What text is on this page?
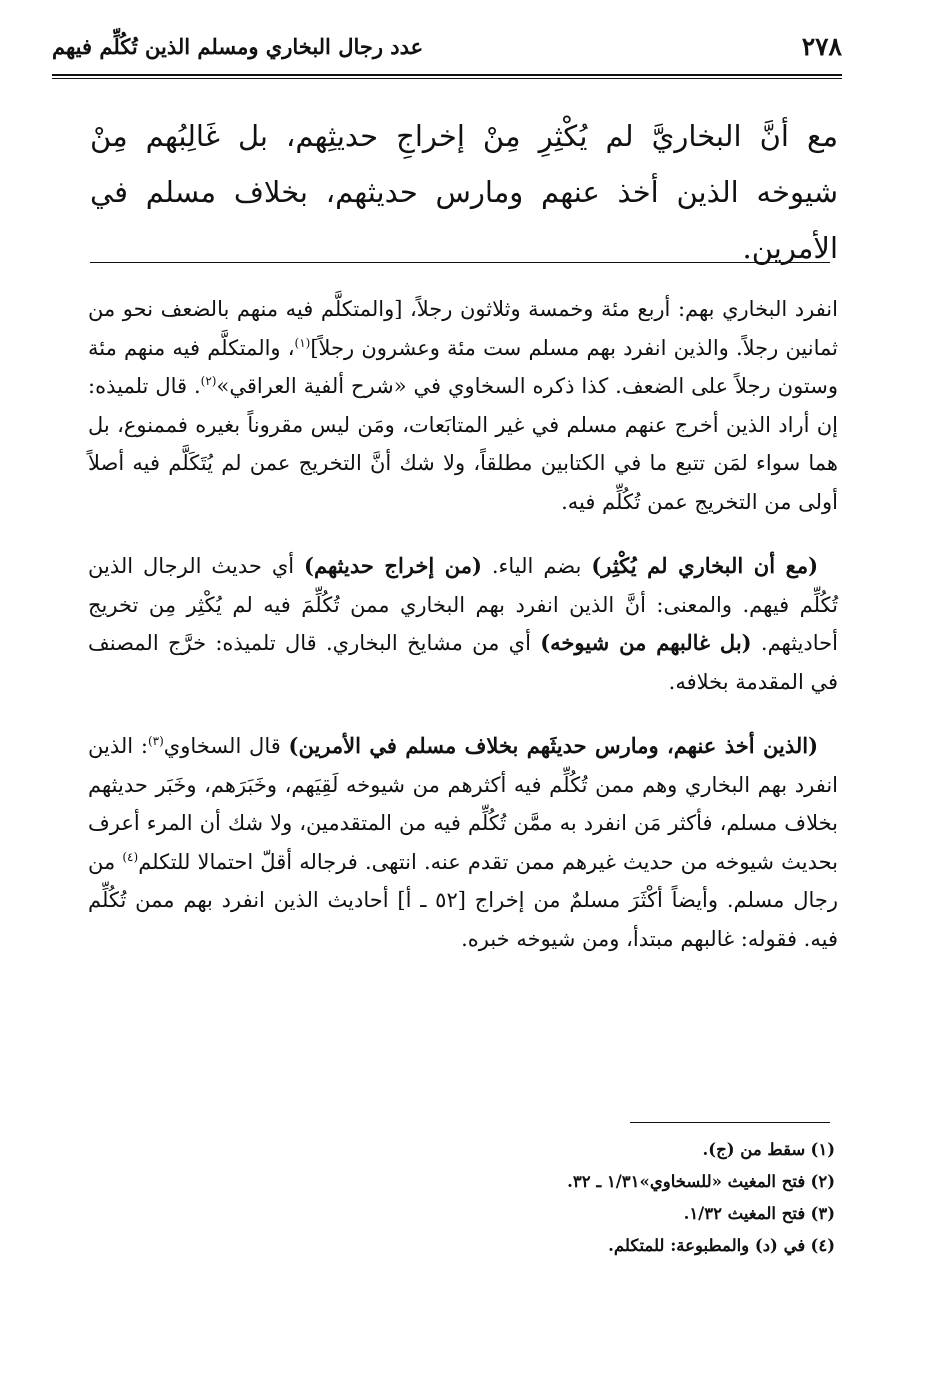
٢٧٨
عدد رجال البخاري ومسلم الذين تُكُلِّم فيهم

مع أنَّ البخاريَّ لم يُكْثِرِ مِنْ إخراجِ حديثِهم، بل غَالِبُهم مِنْ شيوخه الذين أخذ عنهم ومارس حديثهم، بخلاف مسلم في الأمرين.

انفرد البخاري بهم: أربع مئة وخمسة وثلاثون رجلاً، [والمتكلَّم فيه منهم بالضعف نحو من ثمانين رجلاً. والذين انفرد بهم مسلم ست مئة وعشرون رجلاً]$^{(١)}$، والمتكلَّم فيه منهم مئة وستون رجلاً على الضعف. كذا ذكره السخاوي في «شرح ألفية العراقي»$^{(٢)}$. قال تلميذه: إن أراد الذين أخرج عنهم مسلم في غير المتابَعات، ومَن ليس مقروناً بغيره فممنوع، بل هما سواء لمَن تتبع ما في الكتابين مطلقاً، ولا شك أنَّ التخريج عمن لم يُتَكَلَّم فيه أصلاً أولى من التخريج عمن تُكُلِّم فيه.

(مع أن البخاري لم يُكْثِر) بضم الياء. (من إخراج حديثهم) أي حديث الرجال الذين تُكُلِّم فيهم. والمعنى: أنَّ الذين انفرد بهم البخاري ممن تُكُلِّمَ فيه لم يُكْثِر مِن تخريج أحاديثهم. (بل غالبهم من شيوخه) أي من مشايخ البخاري. قال تلميذه: خرَّج المصنف في المقدمة بخلافه.

(الذين أخذ عنهم، ومارس حديثَهم بخلاف مسلم في الأمرين) قال السخاوي$^{(٣)}$: الذين انفرد بهم البخاري وهم ممن تُكُلِّم فيه أكثرهم من شيوخه لَقِيَهم، وخَبَرَهم، وخَبَر حديثهم بخلاف مسلم، فأكثر مَن انفرد به ممَّن تُكُلِّم فيه من المتقدمين، ولا شك أن المرء أعرف بحديث شيوخه من حديث غيرهم ممن تقدم عنه. انتهى. فرجاله أقلّ احتمالا للتكلم$^{(٤)}$ من رجال مسلم. وأيضاً أكْثَرَ مسلمٌ من إخراج [٥٢ ـ أ] أحاديث الذين انفرد بهم ممن تُكُلِّم فيه. فقوله: غالبهم مبتدأ، ومن شيوخه خبره.

(١) سقط من (ج).
(٢) فتح المغيث «للسخاوي»١/٣١ ـ ٣٢.
(٣) فتح المغيث ١/٣٢.
(٤) في (د) والمطبوعة: للمتكلم.
